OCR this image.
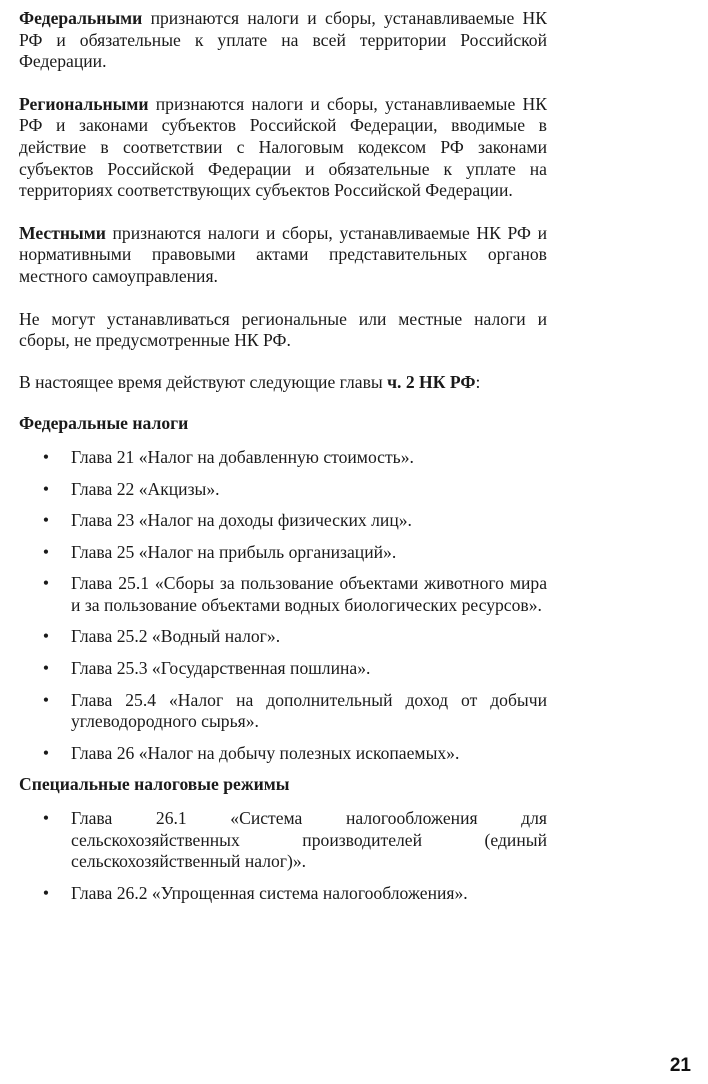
Федеральными признаются налоги и сборы, устанавливаемые НК РФ и обязательные к уплате на всей территории Российской Федерации.

Региональными признаются налоги и сборы, устанавливаемые НК РФ и законами субъектов Российской Федерации, вводимые в действие в соответствии с Налоговым кодексом РФ законами субъектов Российской Федерации и обязательные к уплате на территориях соответствующих субъектов Российской Федерации.

Местными признаются налоги и сборы, устанавливаемые НК РФ и нормативными правовыми актами представительных органов местного самоуправления.

Не могут устанавливаться региональные или местные налоги и сборы, не предусмотренные НК РФ.

В настоящее время действуют следующие главы ч. 2 НК РФ:

Федеральные налоги
• Глава 21 «Налог на добавленную стоимость».
• Глава 22 «Акцизы».
• Глава 23 «Налог на доходы физических лиц».
• Глава 25 «Налог на прибыль организаций».
• Глава 25.1 «Сборы за пользование объектами животного мира и за пользование объектами водных биологических ресурсов».
• Глава 25.2 «Водный налог».
• Глава 25.3 «Государственная пошлина».
• Глава 25.4 «Налог на дополнительный доход от добычи углеводородного сырья».
• Глава 26 «Налог на добычу полезных ископаемых».
Специальные налоговые режимы
• Глава 26.1 «Система налогообложения для сельскохозяйственных производителей (единый сельскохозяйственный налог)».
• Глава 26.2 «Упрощенная система налогообложения».
21
